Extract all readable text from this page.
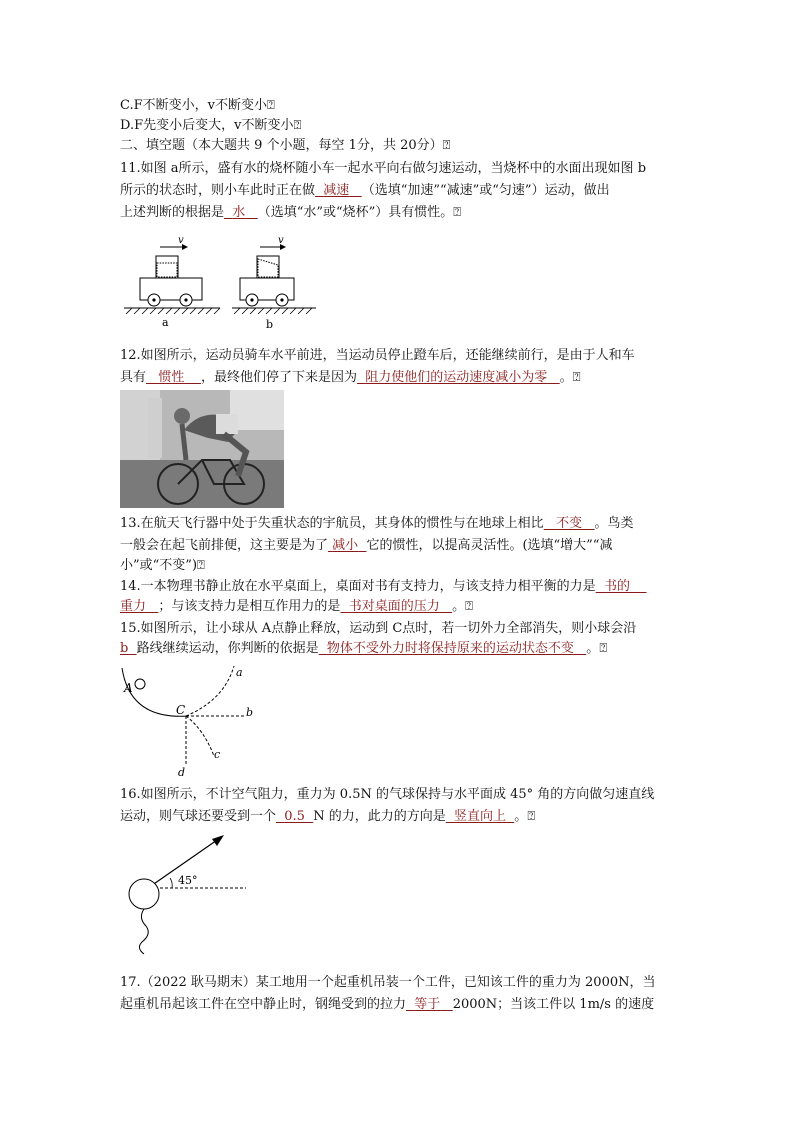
C.F不断变小，v不断变小⍰
D.F先变小后变大，v不断变小⍰
二、填空题（本大题共 9 个小题，每空 1分，共 20分）⍰
11.如图 a所示，盛有水的烧杯随小车一起水平向右做匀速运动，当烧杯中的水面出现如图 b
所示的状态时，则小车此时正在做 减速 （选填“加速”“减速”或“匀速”）运动，做出
上述判断的根据是 水 （选填“水”或“烧杯”）具有惯性。⍰
v
a
v
b
12.如图所示，运动员骑车水平前进，当运动员停止蹬车后，还能继续前行，是由于人和车
具有 惯性 ，最终他们停了下来是因为 阻力使他们的运动速度减小为零 。⍰
13.在航天飞行器中处于失重状态的宇航员，其身体的惯性与在地球上相比 不变 。鸟类
一般会在起飞前排便，这主要是为了 减小 它的惯性，以提高灵活性。(选填“增大”“减
小”或“不变”)⍰
14.一本物理书静止放在水平桌面上，桌面对书有支持力，与该支持力相平衡的力是 书的
重力 ；与该支持力是相互作用力的是 书对桌面的压力 。⍰
15.如图所示，让小球从 A点静止释放，运动到 C点时，若一切外力全部消失，则小球会沿
b 路线继续运动，你判断的依据是 物体不受外力时将保持原来的运动状态不变 。⍰
A
C
a
b
c
d
16.如图所示，不计空气阻力，重力为 0.5N 的气球保持与水平面成 45° 角的方向做匀速直线
运动，则气球还要受到一个 0.5 N 的力，此力的方向是 竖直向上 。⍰
45°
17.（2022 耿马期末）某工地用一个起重机吊装一个工件，已知该工件的重力为 2000N，当
起重机吊起该工件在空中静止时，钢绳受到的拉力 等于 2000N；当该工件以 1m/s 的速度
